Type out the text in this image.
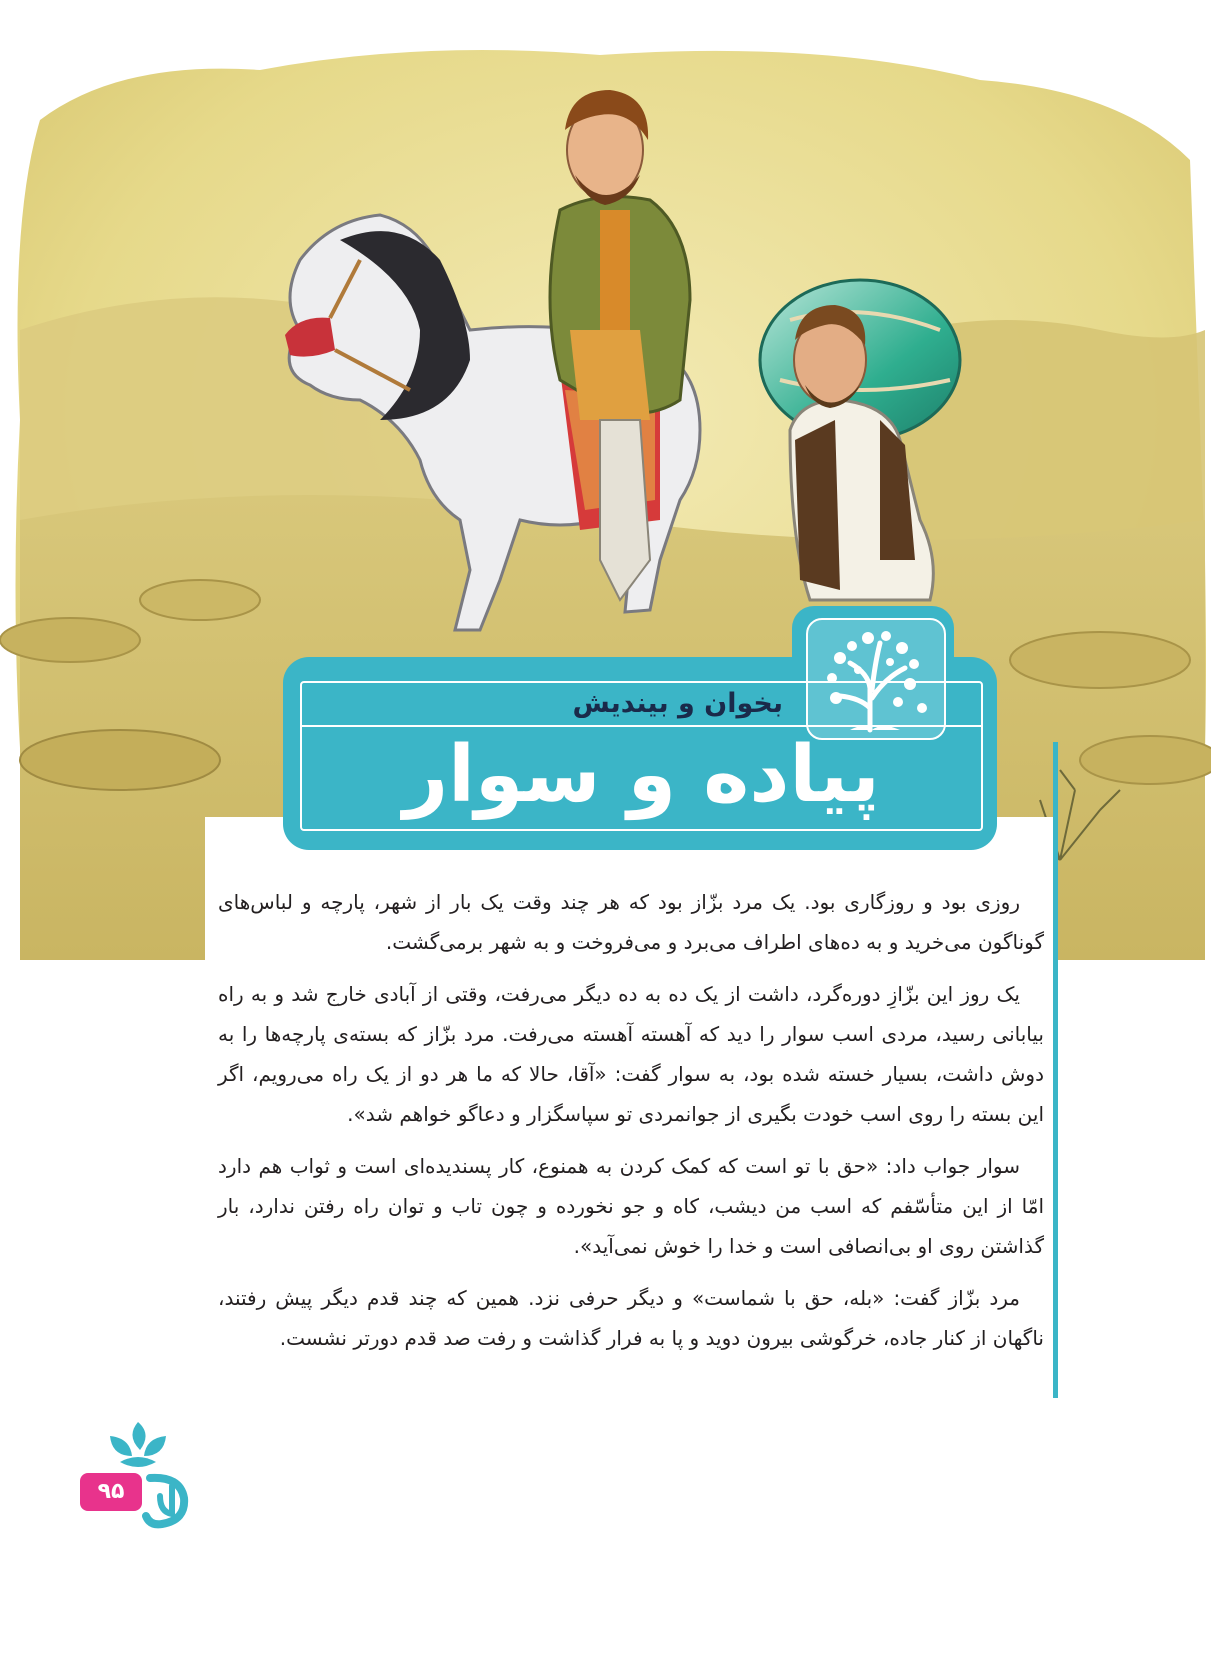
بخوان و بیندیش
پیاده و سوار

روزی بود و روزگاری بود. یک مرد بزّاز بود که هر چند وقت یک بار از شهر، پارچه و لباس‌های گوناگون می‌خرید و به ده‌های اطراف می‌برد و می‌فروخت و به شهر برمی‌گشت.

یک روز این بزّازِ دوره‌گرد، داشت از یک ده به ده دیگر می‌رفت، وقتی از آبادی خارج شد و به راه بیابانی رسید، مردی اسب سوار را دید که آهسته آهسته می‌رفت. مرد بزّاز که بسته‌ی پارچه‌ها را به دوش داشت، بسیار خسته شده بود، به سوار گفت: «آقا، حالا که ما هر دو از یک راه می‌رویم، اگر این بسته را روی اسب خودت بگیری از جوانمردی تو سپاسگزار و دعاگو خواهم شد».

سوار جواب داد: «حق با تو است که کمک کردن به همنوع، کار پسندیده‌ای است و ثواب هم دارد امّا از این متأسّفم که اسب من دیشب، کاه و جو نخورده و چون تاب و توان راه رفتن ندارد، بار گذاشتن روی او بی‌انصافی است و خدا را خوش نمی‌آید».

مرد بزّاز گفت: «بله، حق با شماست» و دیگر حرفی نزد. همین که چند قدم دیگر پیش رفتند، ناگهان از کنار جاده، خرگوشی بیرون دوید و پا به فرار گذاشت و رفت صد قدم دورتر نشست.

۹۵
